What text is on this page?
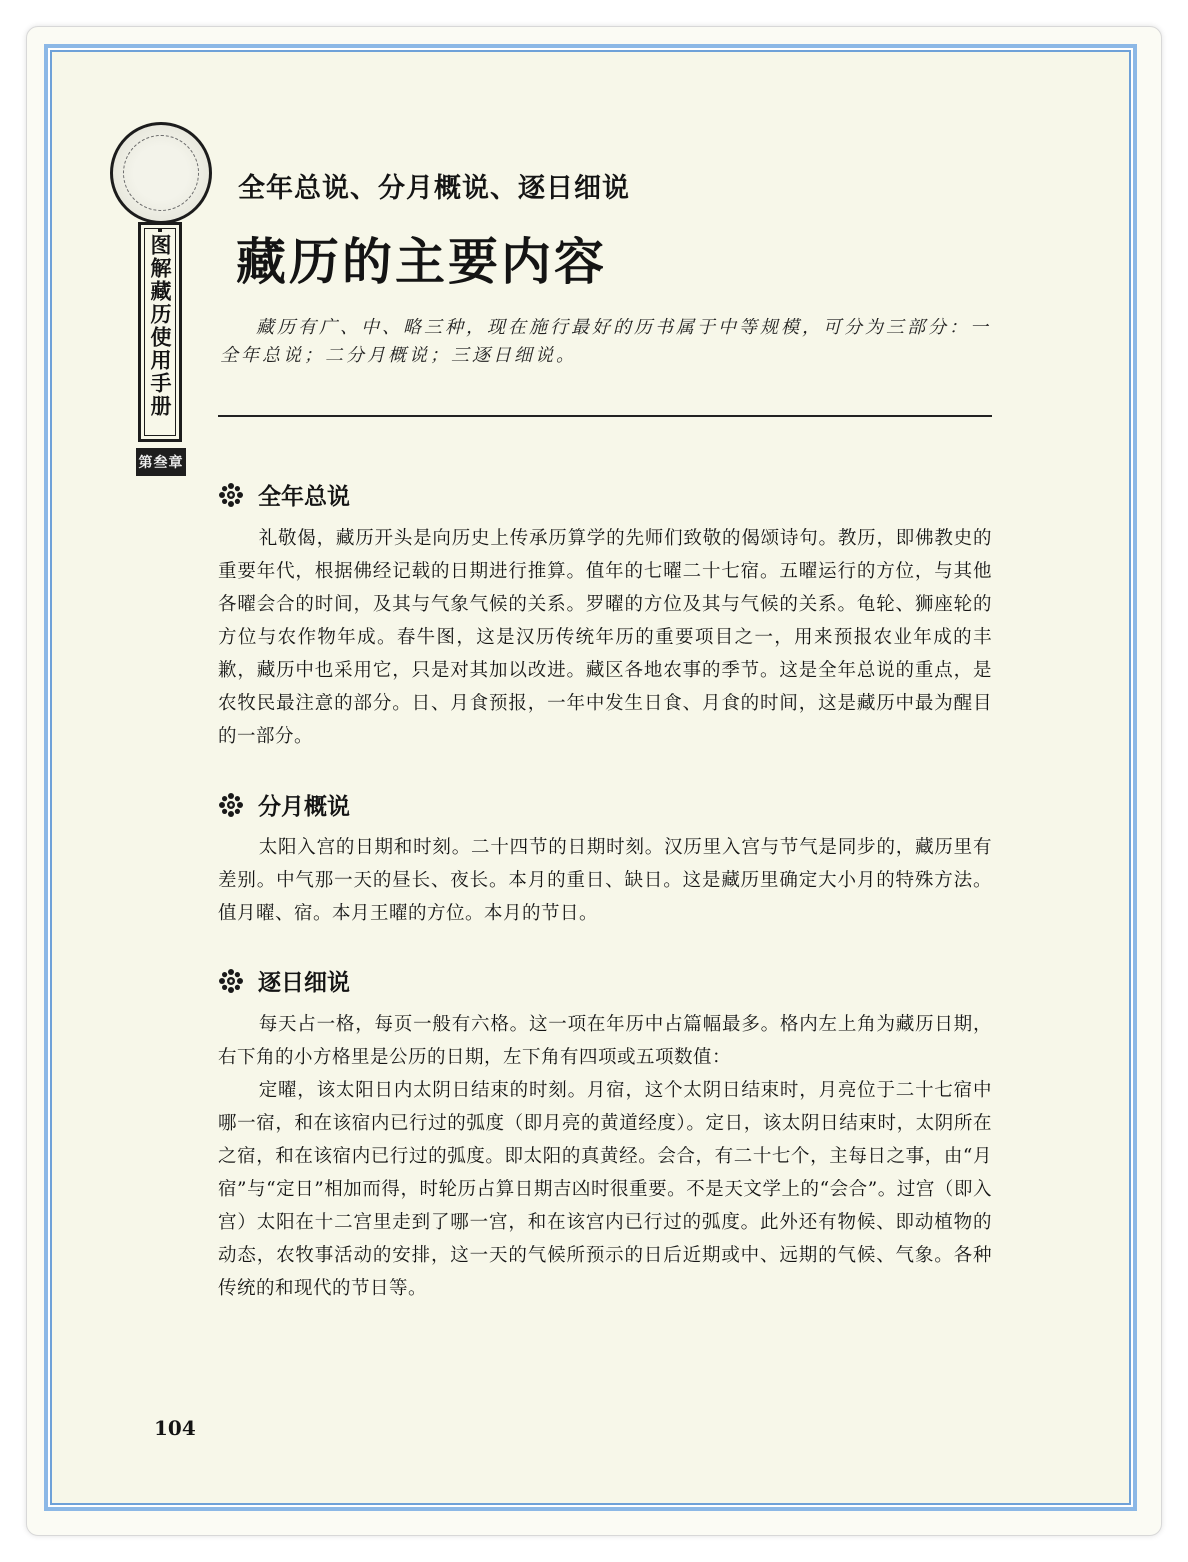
图解藏历使用手册
第叁章
全年总说、分月概说、逐日细说
藏历的主要内容

藏历有广、中、略三种，现在施行最好的历书属于中等规模，可分为三部分：一全年总说；二分月概说；三逐日细说。

全年总说

礼敬偈，藏历开头是向历史上传承历算学的先师们致敬的偈颂诗句。教历，即佛教史的重要年代，根据佛经记载的日期进行推算。值年的七曜二十七宿。五曜运行的方位，与其他各曜会合的时间，及其与气象气候的关系。罗曜的方位及其与气候的关系。龟轮、狮座轮的方位与农作物年成。春牛图，这是汉历传统年历的重要项目之一，用来预报农业年成的丰歉，藏历中也采用它，只是对其加以改进。藏区各地农事的季节。这是全年总说的重点，是农牧民最注意的部分。日、月食预报，一年中发生日食、月食的时间，这是藏历中最为醒目的一部分。

分月概说

太阳入宫的日期和时刻。二十四节的日期时刻。汉历里入宫与节气是同步的，藏历里有差别。中气那一天的昼长、夜长。本月的重日、缺日。这是藏历里确定大小月的特殊方法。值月曜、宿。本月王曜的方位。本月的节日。

逐日细说

每天占一格，每页一般有六格。这一项在年历中占篇幅最多。格内左上角为藏历日期，右下角的小方格里是公历的日期，左下角有四项或五项数值：

定曜，该太阳日内太阴日结束的时刻。月宿，这个太阴日结束时，月亮位于二十七宿中哪一宿，和在该宿内已行过的弧度（即月亮的黄道经度）。定日，该太阴日结束时，太阴所在之宿，和在该宿内已行过的弧度。即太阳的真黄经。会合，有二十七个，主每日之事，由“月宿”与“定日”相加而得，时轮历占算日期吉凶时很重要。不是天文学上的“会合”。过宫（即入宫）太阳在十二宫里走到了哪一宫，和在该宫内已行过的弧度。此外还有物候、即动植物的动态，农牧事活动的安排，这一天的气候所预示的日后近期或中、远期的气候、气象。各种传统的和现代的节日等。

104
